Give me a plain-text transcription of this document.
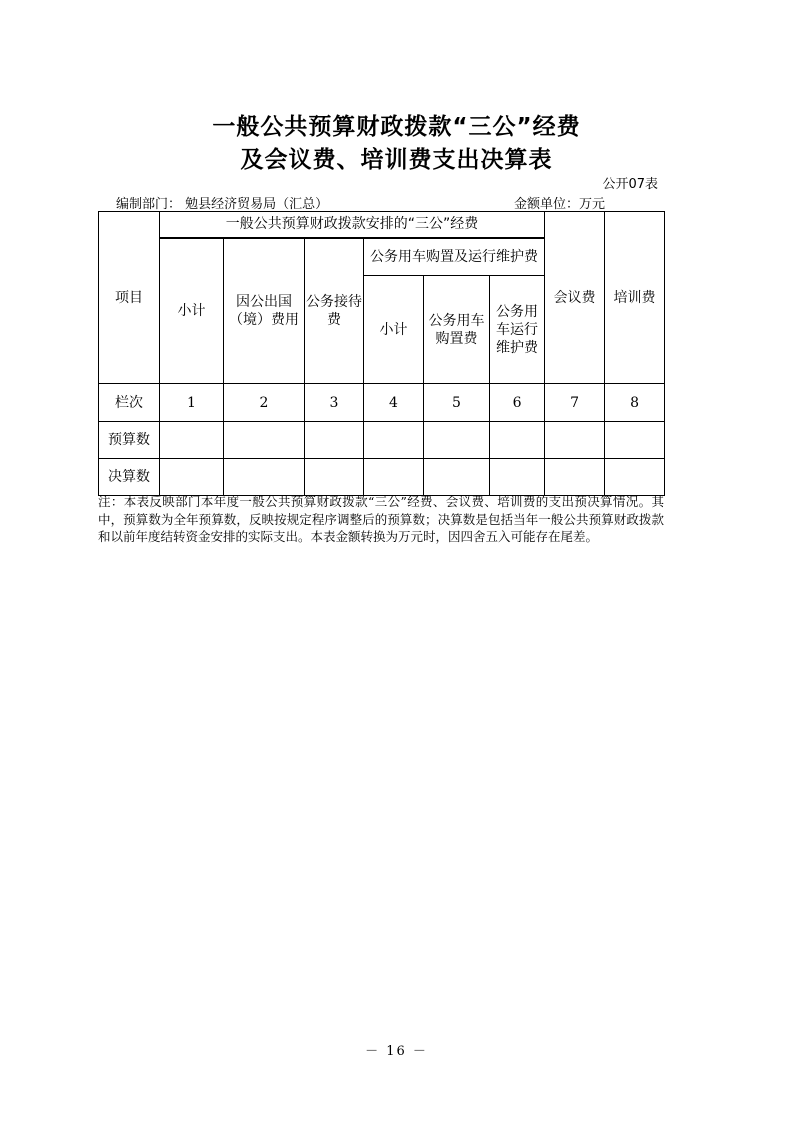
一般公共预算财政拨款“三公”经费
及会议费、培训费支出决算表
公开07表
编制部门： 勉县经济贸易局（汇总）	金额单位：万元
项目	一般公共预算财政拨款安排的“三公”经费						会议费	培训费
	小计	因公出国（境）费用	公务接待费	公务用车购置及运行维护费				
				小计	公务用车购置费	公务用车运行维护费		
栏次	1	2	3	4	5	6	7	8
预算数								
决算数								
注：本表反映部门本年度一般公共预算财政拨款“三公”经费、会议费、培训费的支出预决算情况。其中，预算数为全年预算数，反映按规定程序调整后的预算数；决算数是包括当年一般公共预算财政拨款和以前年度结转资金安排的实际支出。本表金额转换为万元时，因四舍五入可能存在尾差。
－ 16 －
